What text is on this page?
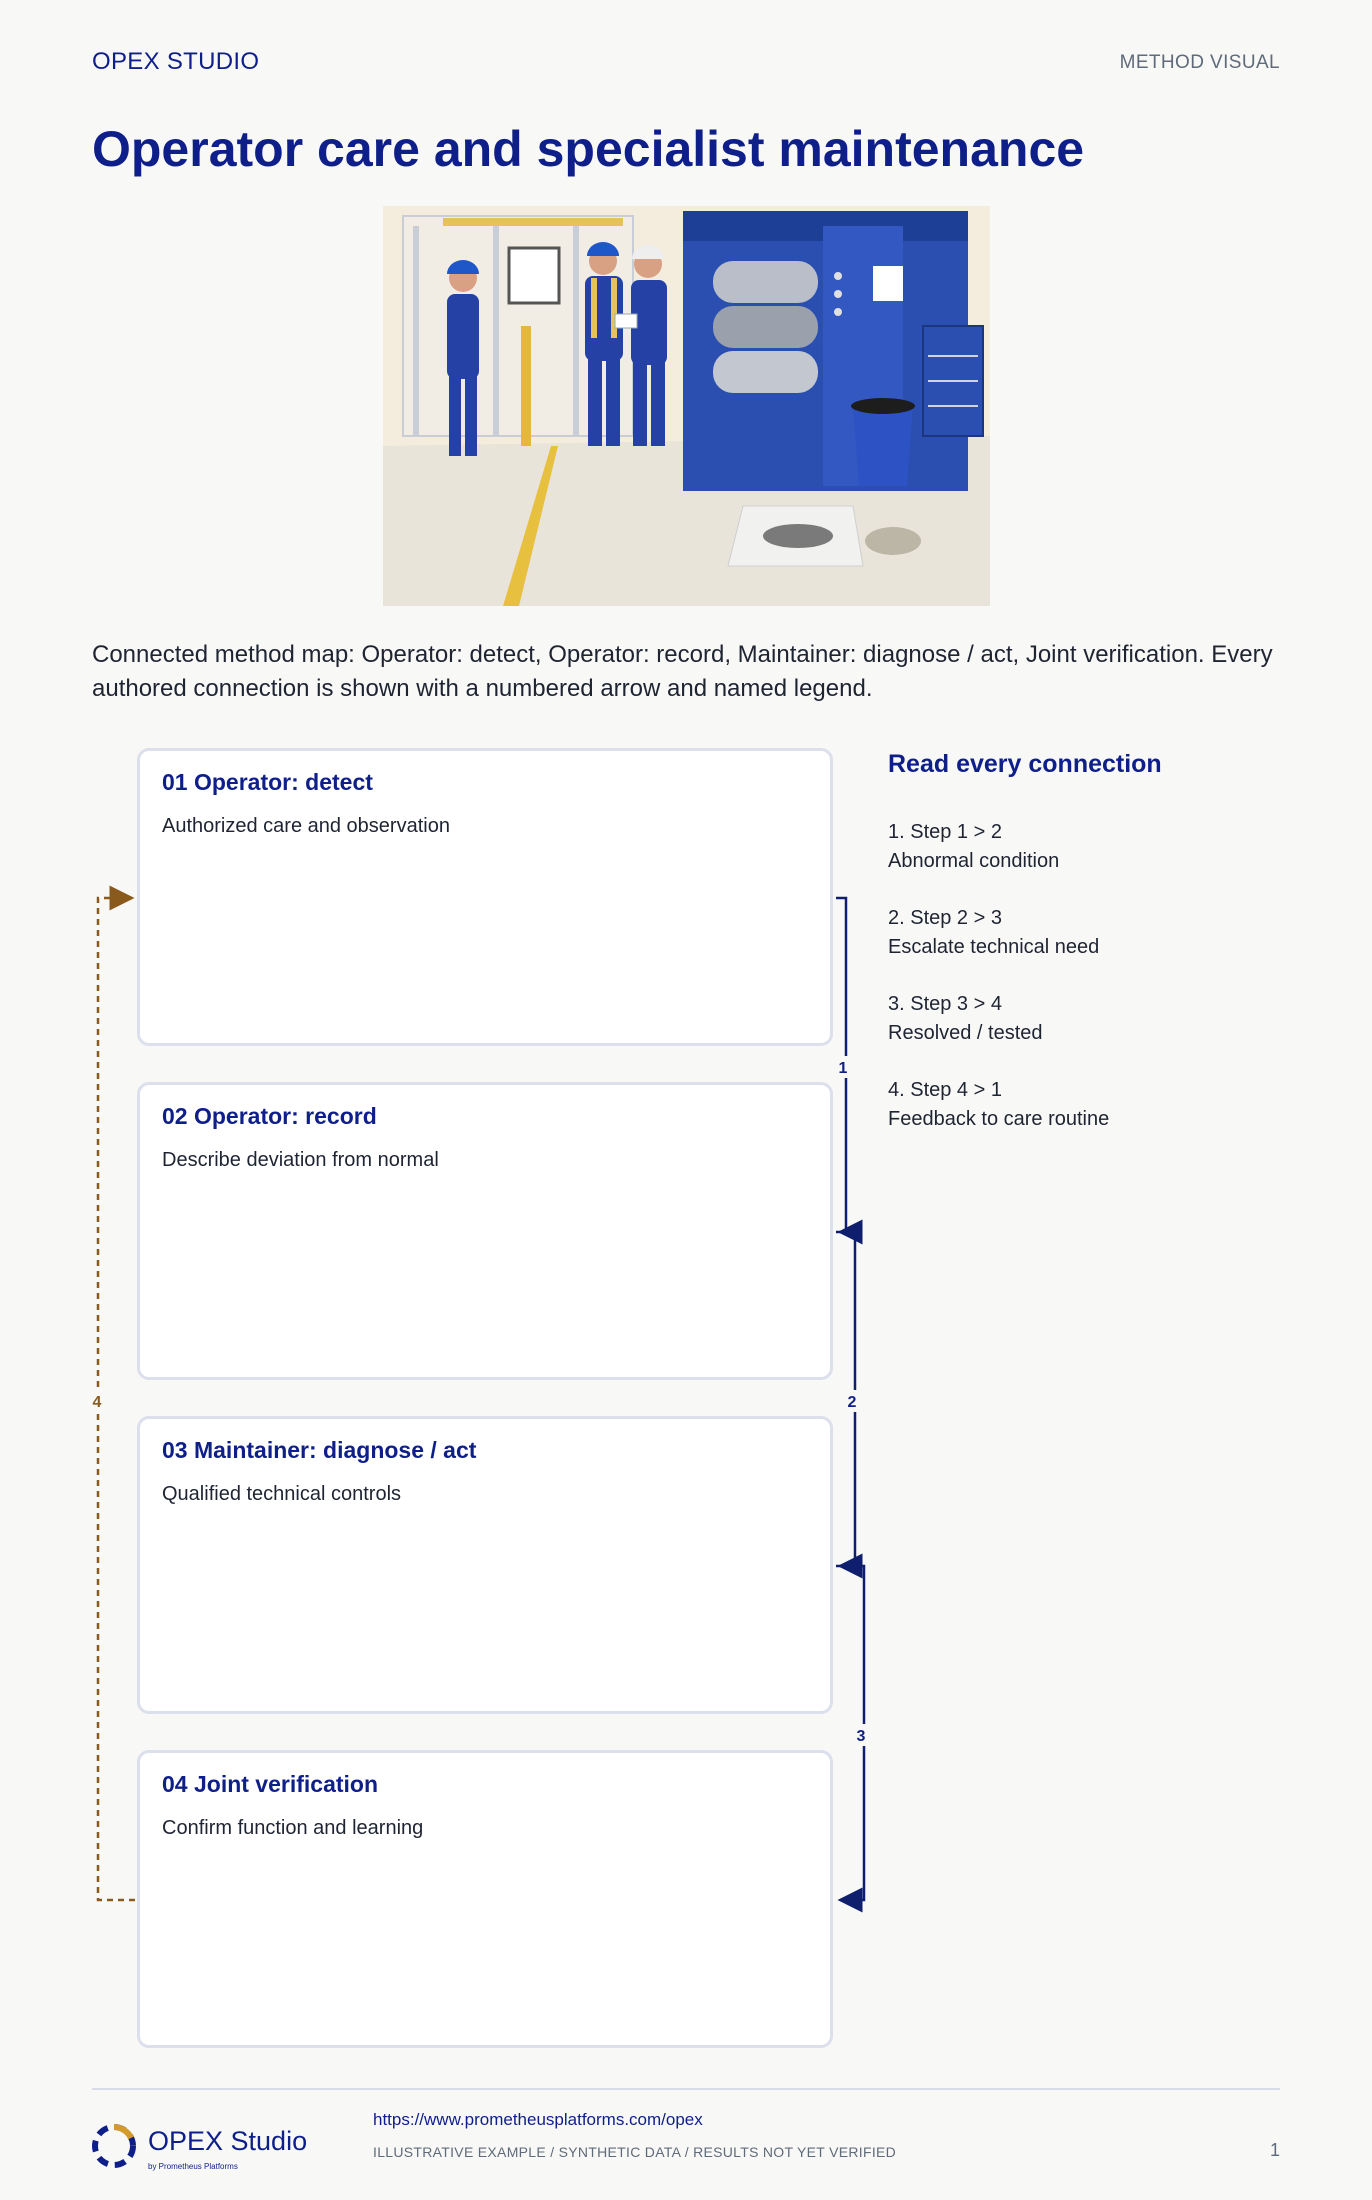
OPEX STUDIO	METHOD VISUAL
Operator care and specialist maintenance
Connected method map: Operator: detect, Operator: record, Maintainer: diagnose / act, Joint verification. Every authored connection is shown with a numbered arrow and named legend.
01 Operator: detect
Authorized care and observation
02 Operator: record
Describe deviation from normal
03 Maintainer: diagnose / act
Qualified technical controls
04 Joint verification
Confirm function and learning
1
2
3
4
Read every connection
1. Step 1 > 2
Abnormal condition
2. Step 2 > 3
Escalate technical need
3. Step 3 > 4
Resolved / tested
4. Step 4 > 1
Feedback to care routine
OPEX Studio
by Prometheus Platforms
https://www.prometheusplatforms.com/opex
ILLUSTRATIVE EXAMPLE / SYNTHETIC DATA / RESULTS NOT YET VERIFIED	1
